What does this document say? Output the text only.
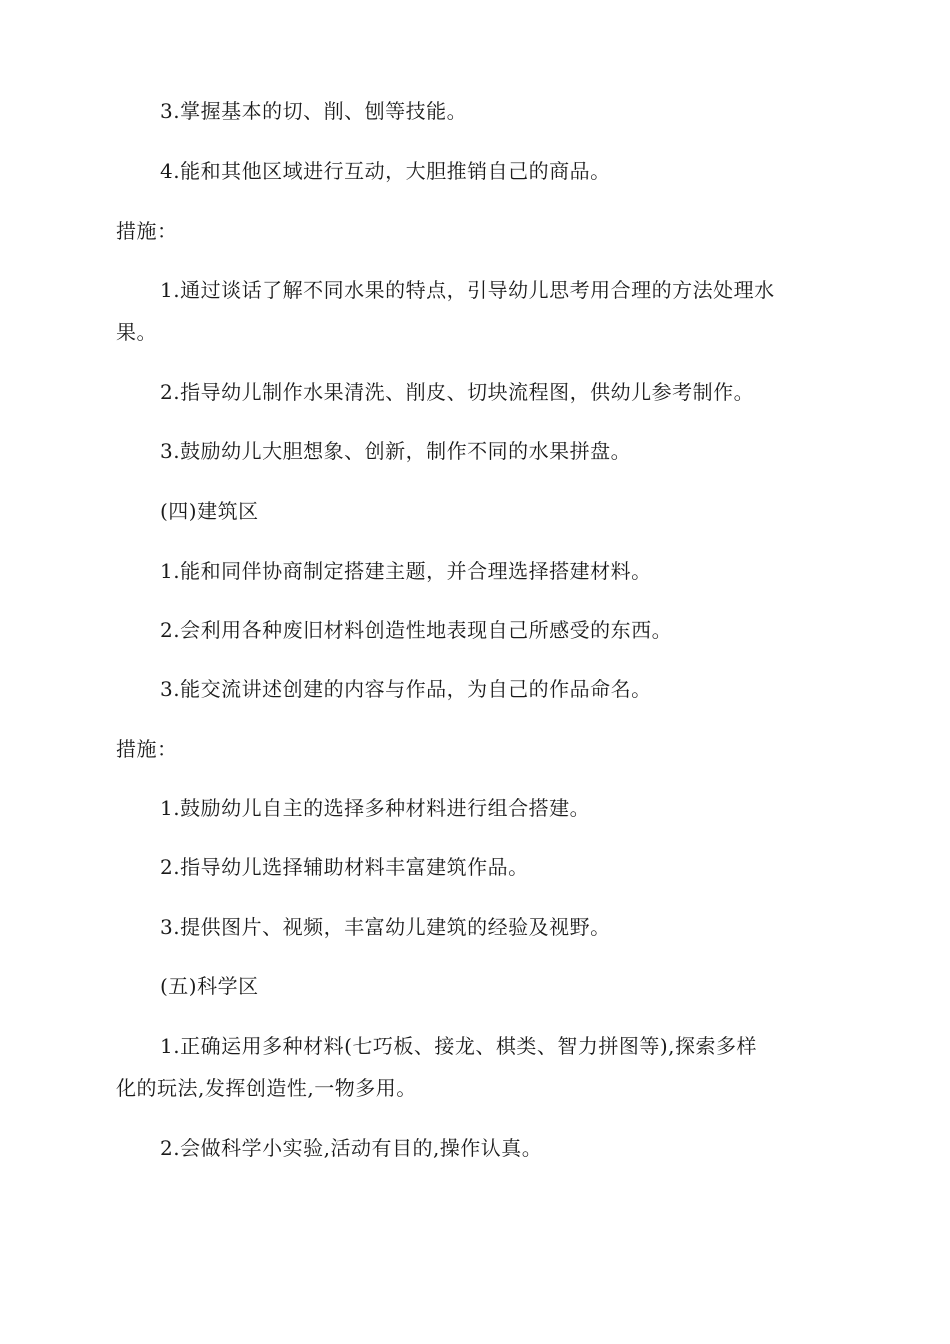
3.掌握基本的切、削、刨等技能。
4.能和其他区域进行互动，大胆推销自己的商品。
措施：
1.通过谈话了解不同水果的特点，引导幼儿思考用合理的方法处理水
果。
2.指导幼儿制作水果清洗、削皮、切块流程图，供幼儿参考制作。
3.鼓励幼儿大胆想象、创新，制作不同的水果拼盘。
(四)建筑区
1.能和同伴协商制定搭建主题，并合理选择搭建材料。
2.会利用各种废旧材料创造性地表现自己所感受的东西。
3.能交流讲述创建的内容与作品，为自己的作品命名。
措施：
1.鼓励幼儿自主的选择多种材料进行组合搭建。
2.指导幼儿选择辅助材料丰富建筑作品。
3.提供图片、视频，丰富幼儿建筑的经验及视野。
(五)科学区
1.正确运用多种材料(七巧板、接龙、棋类、智力拼图等),探索多样
化的玩法,发挥创造性,一物多用。
2.会做科学小实验,活动有目的,操作认真。
